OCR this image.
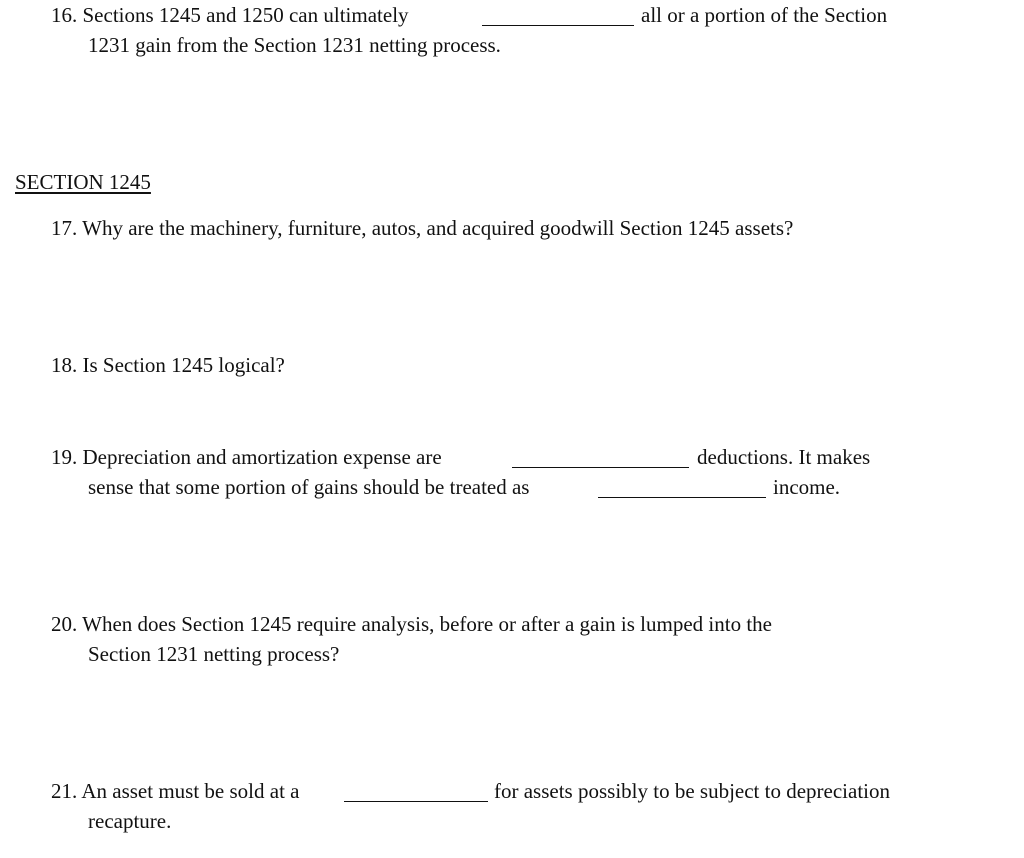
16. Sections 1245 and 1250 can ultimately	all or a portion of the Section
1231 gain from the Section 1231 netting process.
SECTION 1245
17. Why are the machinery, furniture, autos, and acquired goodwill Section 1245 assets?
18. Is Section 1245 logical?
19. Depreciation and amortization expense are	deductions. It makes
sense that some portion of gains should be treated as	income.
20. When does Section 1245 require analysis, before or after a gain is lumped into the
Section 1231 netting process?
21. An asset must be sold at a	for assets possibly to be subject to depreciation
recapture.
